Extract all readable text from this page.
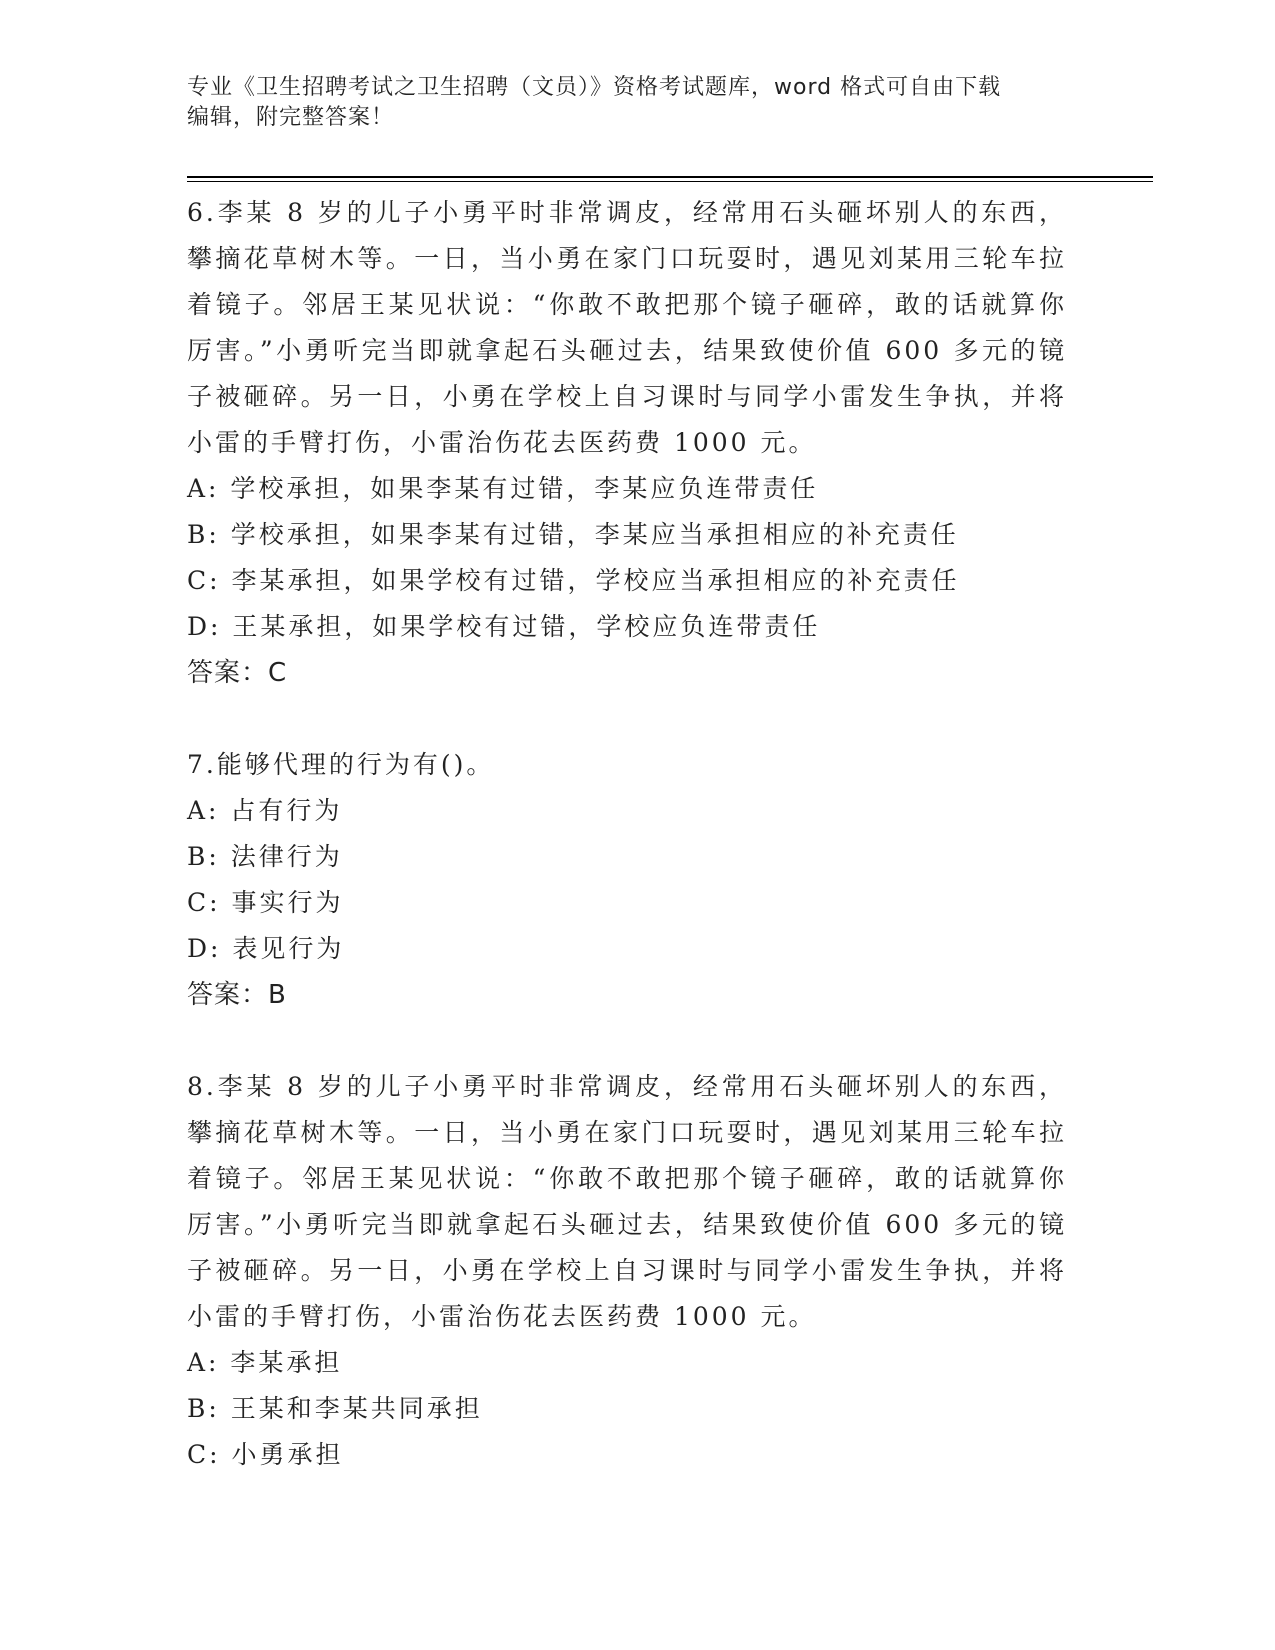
专业《卫生招聘考试之卫生招聘（文员）》资格考试题库，word 格式可自由下载
编辑，附完整答案！

6.李某 8 岁的儿子小勇平时非常调皮，经常用石头砸坏别人的东西，攀摘花草树木等。一日，当小勇在家门口玩耍时，遇见刘某用三轮车拉着镜子。邻居王某见状说：“你敢不敢把那个镜子砸碎，敢的话就算你厉害。”小勇听完当即就拿起石头砸过去，结果致使价值 600 多元的镜子被砸碎。另一日，小勇在学校上自习课时与同学小雷发生争执，并将小雷的手臂打伤，小雷治伤花去医药费 1000 元。

A: 学校承担，如果李某有过错，李某应负连带责任

B: 学校承担，如果李某有过错，李某应当承担相应的补充责任

C: 李某承担，如果学校有过错，学校应当承担相应的补充责任

D: 王某承担，如果学校有过错，学校应负连带责任

答案：C

7.能够代理的行为有()。

A: 占有行为

B: 法律行为

C: 事实行为

D: 表见行为

答案：B

8.李某 8 岁的儿子小勇平时非常调皮，经常用石头砸坏别人的东西，攀摘花草树木等。一日，当小勇在家门口玩耍时，遇见刘某用三轮车拉着镜子。邻居王某见状说：“你敢不敢把那个镜子砸碎，敢的话就算你厉害。”小勇听完当即就拿起石头砸过去，结果致使价值 600 多元的镜子被砸碎。另一日，小勇在学校上自习课时与同学小雷发生争执，并将小雷的手臂打伤，小雷治伤花去医药费 1000 元。

A: 李某承担

B: 王某和李某共同承担

C: 小勇承担
